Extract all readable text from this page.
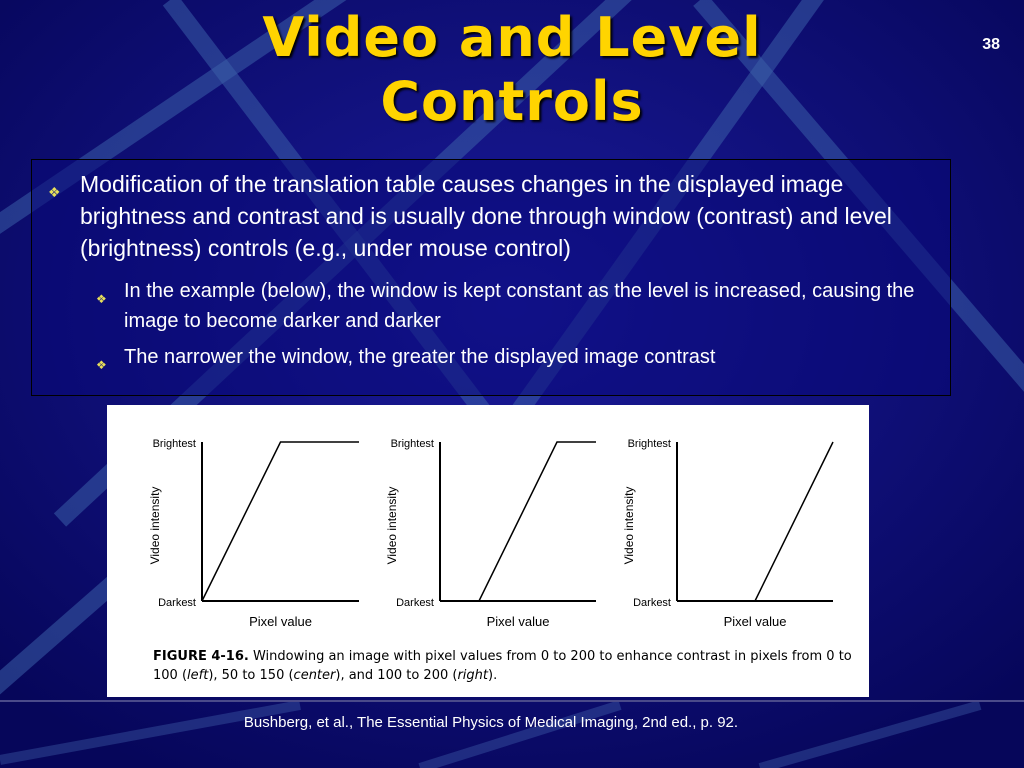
Video and Level
Controls
38
❖ Modification of the translation table causes changes in the displayed image brightness and contrast and is usually done through window (contrast) and level (brightness) controls (e.g., under mouse control)
❖ In the example (below), the window is kept constant as the level is increased, causing the image to become darker and darker
❖ The narrower the window, the greater the displayed image contrast
Brightest
Darkest
Pixel value
Video intensity
Brightest
Darkest
Pixel value
Video intensity
Brightest
Darkest
Pixel value
Video intensity
FIGURE 4-16. Windowing an image with pixel values from 0 to 200 to enhance contrast in pixels from 0 to 100 (left), 50 to 150 (center), and 100 to 200 (right).
Bushberg, et al., The Essential Physics of Medical Imaging, 2nd ed., p. 92.
